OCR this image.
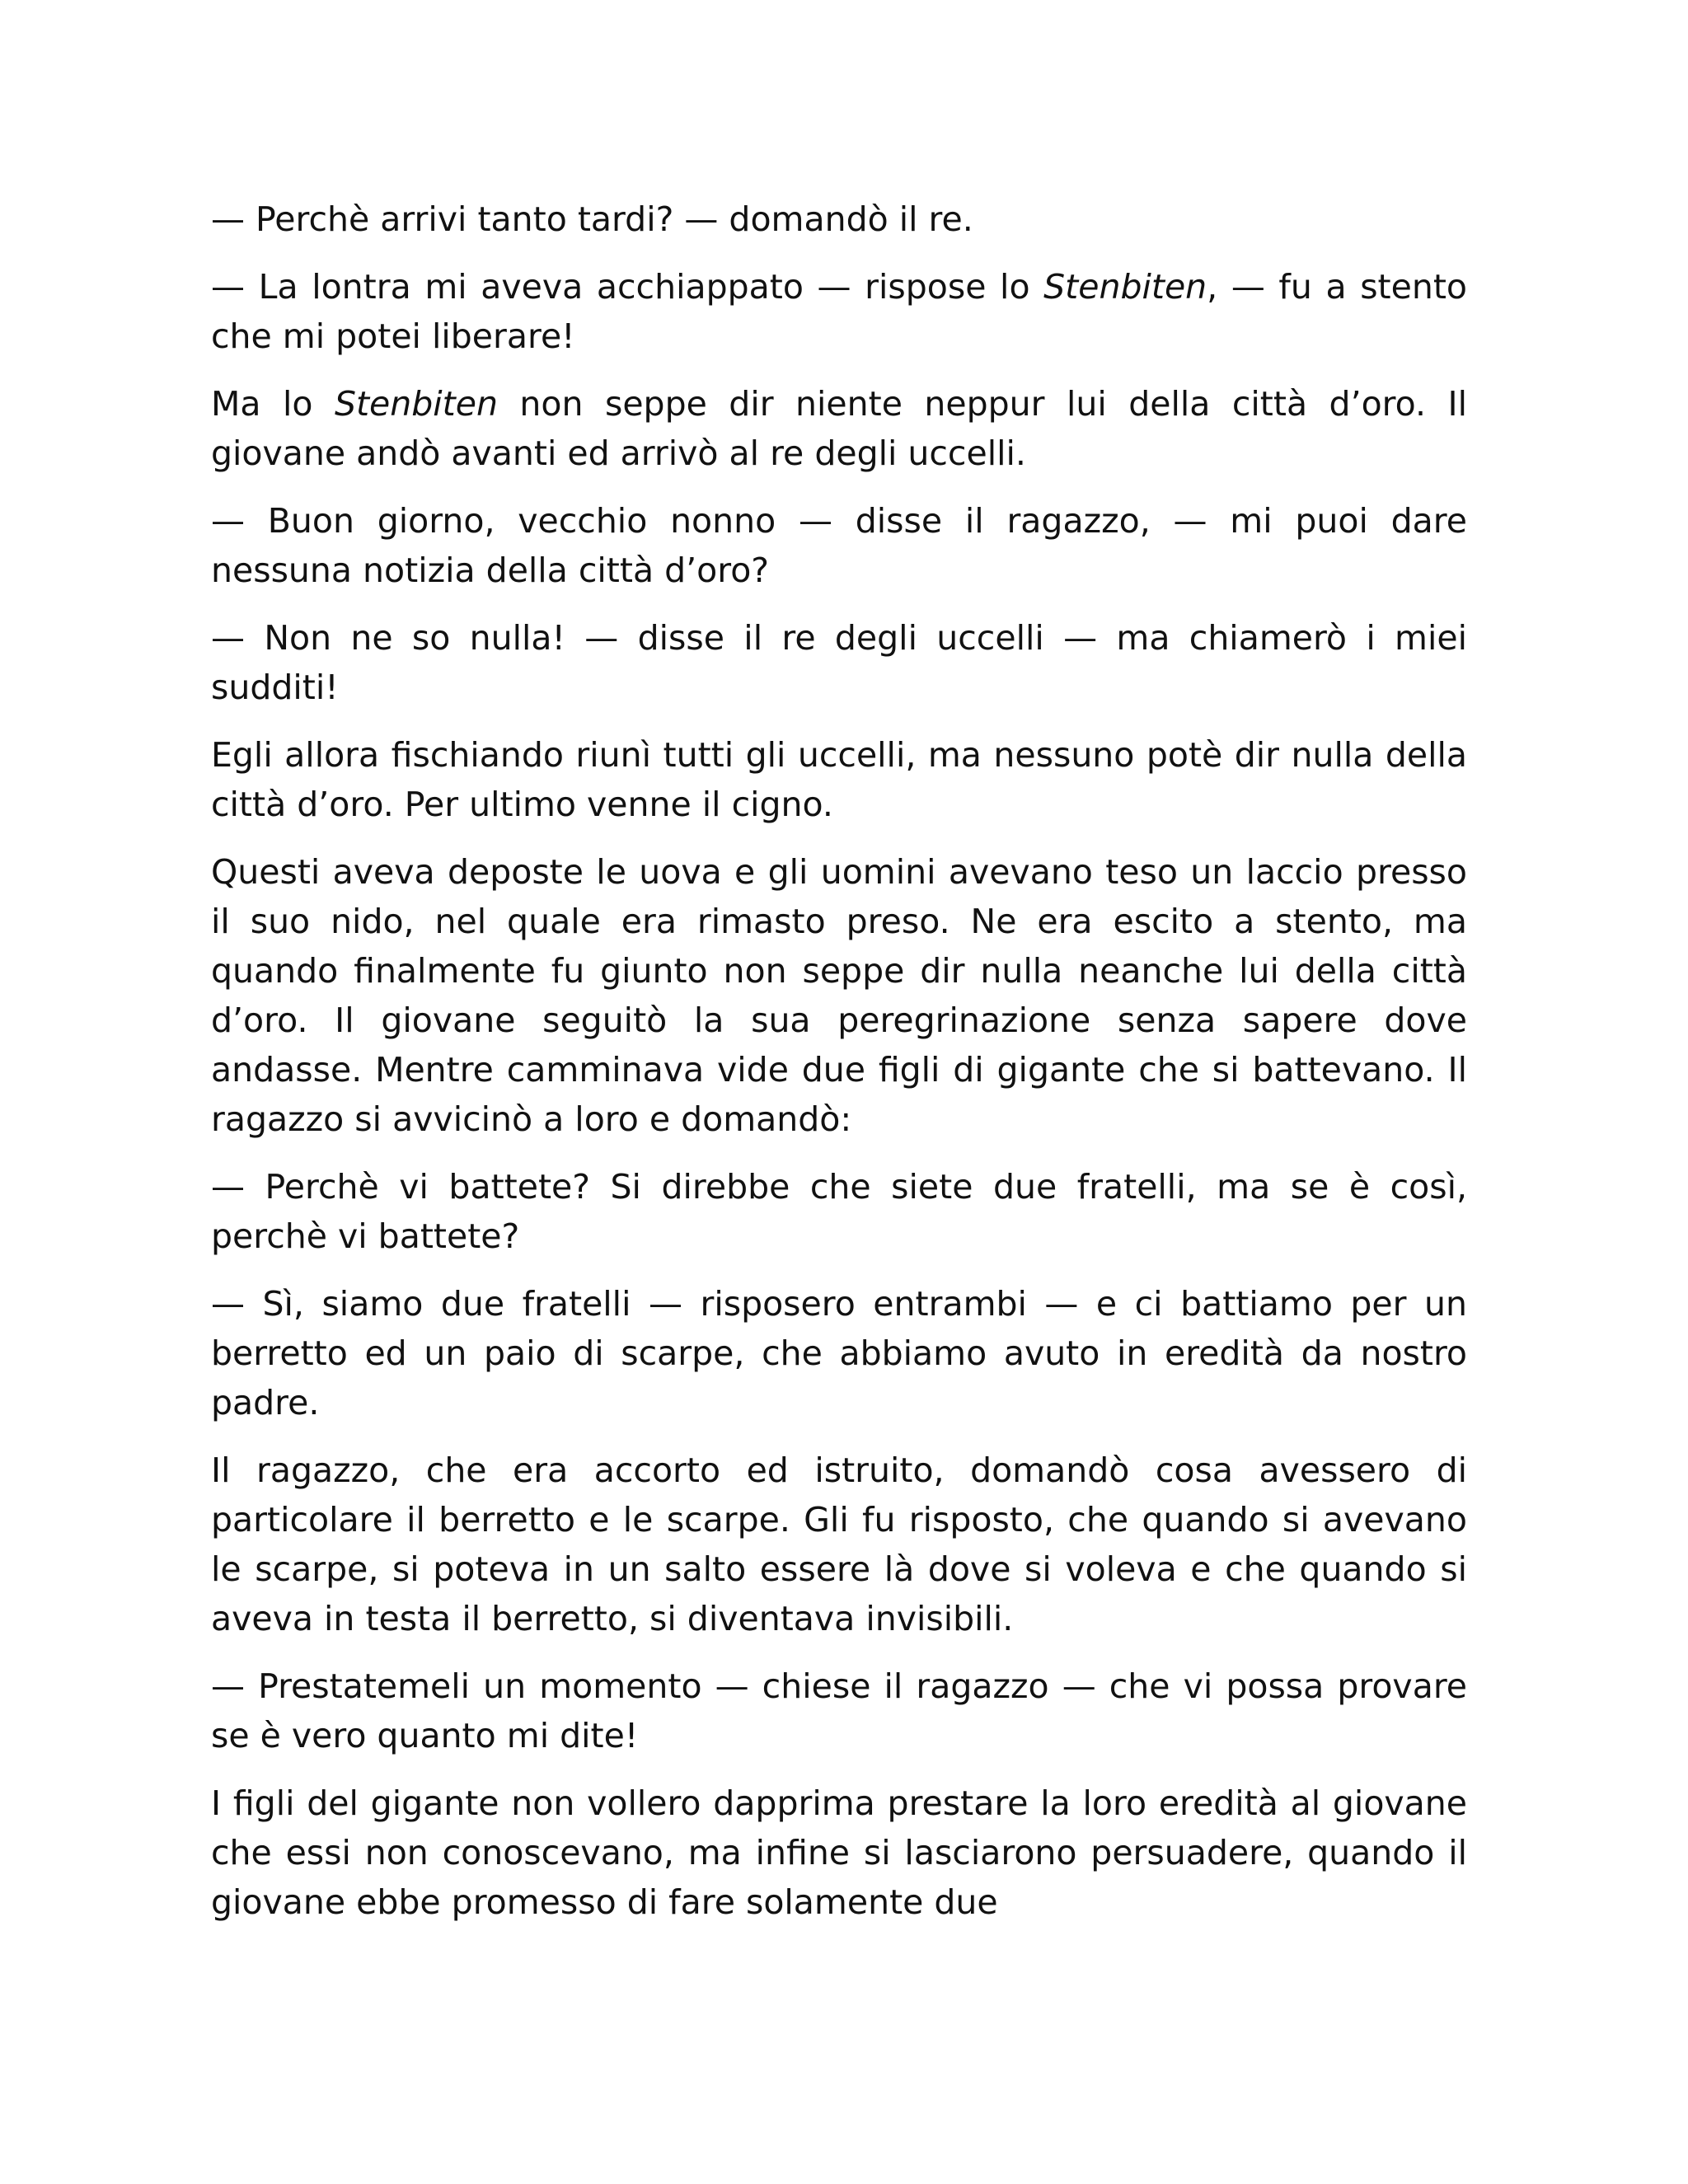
— Perchè arrivi tanto tardi? — domandò il re.

— La lontra mi aveva acchiappato — rispose lo Stenbiten, — fu a stento che mi potei liberare!

Ma lo Stenbiten non seppe dir niente neppur lui della città d’oro. Il giovane andò avanti ed arrivò al re degli uccelli.

— Buon giorno, vecchio nonno — disse il ragazzo, — mi puoi dare nessuna notizia della città d’oro?

— Non ne so nulla! — disse il re degli uccelli — ma chiamerò i miei sudditi!

Egli allora fischiando riunì tutti gli uccelli, ma nessuno potè dir nulla della città d’oro. Per ultimo venne il cigno.

Questi aveva deposte le uova e gli uomini avevano teso un laccio presso il suo nido, nel quale era rimasto preso. Ne era escito a stento, ma quando finalmente fu giunto non seppe dir nulla neanche lui della città d’oro. Il giovane seguitò la sua peregrinazione senza sapere dove andasse. Mentre camminava vide due figli di gigante che si battevano. Il ragazzo si avvicinò a loro e domandò:

— Perchè vi battete? Si direbbe che siete due fratelli, ma se è così, perchè vi battete?

— Sì, siamo due fratelli — risposero entrambi — e ci battiamo per un berretto ed un paio di scarpe, che abbiamo avuto in eredità da nostro padre.

Il ragazzo, che era accorto ed istruito, domandò cosa avessero di particolare il berretto e le scarpe. Gli fu risposto, che quando si avevano le scarpe, si poteva in un salto essere là dove si voleva e che quando si aveva in testa il berretto, si diventava invisibili.

— Prestatemeli un momento — chiese il ragazzo — che vi possa provare se è vero quanto mi dite!

I figli del gigante non vollero dapprima prestare la loro eredità al giovane che essi non conoscevano, ma infine si lasciarono persuadere, quando il giovane ebbe promesso di fare solamente due
